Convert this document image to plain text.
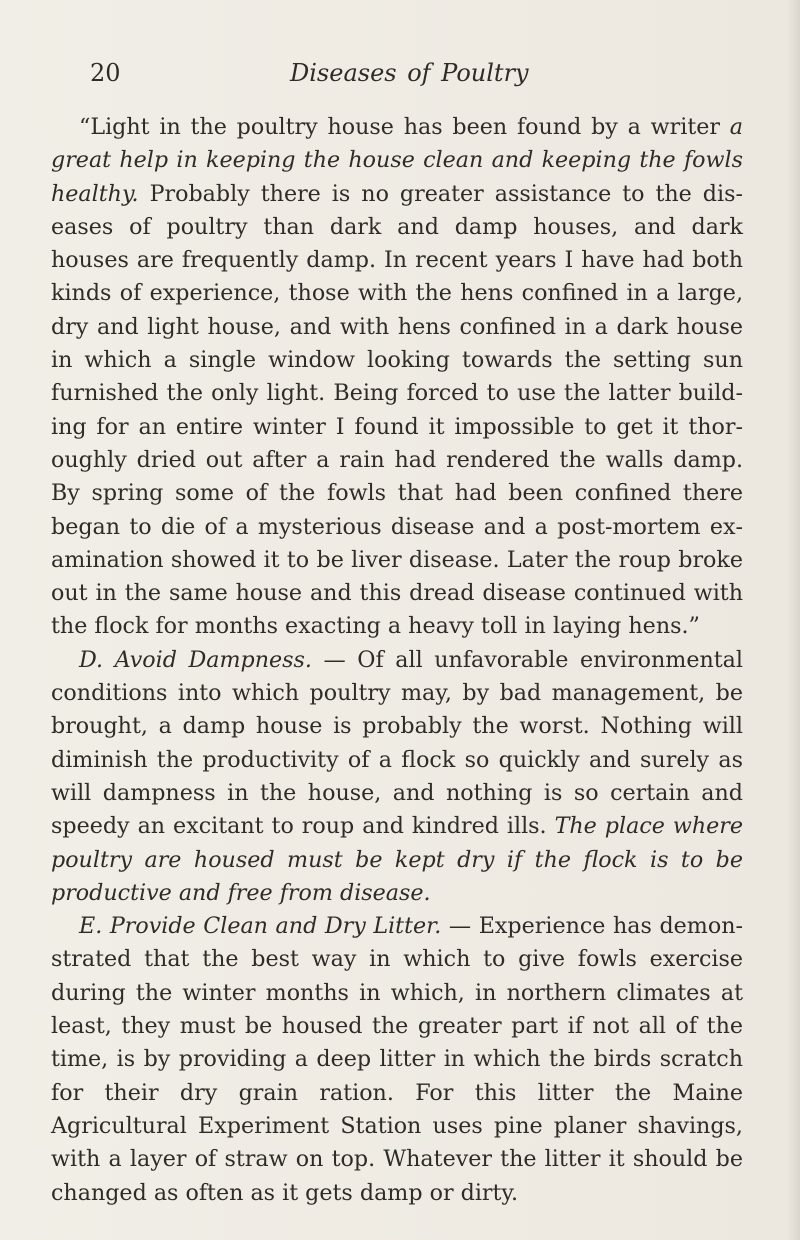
20	Diseases of Poultry

“Light in the poultry house has been found by a writer a great help in keeping the house clean and keeping the fowls healthy. Probably there is no greater assistance to the diseases of poultry than dark and damp houses, and dark houses are frequently damp. In recent years I have had both kinds of experience, those with the hens confined in a large, dry and light house, and with hens confined in a dark house in which a single window looking towards the setting sun furnished the only light. Being forced to use the latter building for an entire winter I found it impossible to get it thoroughly dried out after a rain had rendered the walls damp. By spring some of the fowls that had been confined there began to die of a mysterious disease and a post-mortem examination showed it to be liver disease. Later the roup broke out in the same house and this dread disease continued with the flock for months exacting a heavy toll in laying hens.”

D. Avoid Dampness. — Of all unfavorable environmental conditions into which poultry may, by bad management, be brought, a damp house is probably the worst. Nothing will diminish the productivity of a flock so quickly and surely as will dampness in the house, and nothing is so certain and speedy an excitant to roup and kindred ills. The place where poultry are housed must be kept dry if the flock is to be productive and free from disease.

E. Provide Clean and Dry Litter. — Experience has demonstrated that the best way in which to give fowls exercise during the winter months in which, in northern climates at least, they must be housed the greater part if not all of the time, is by providing a deep litter in which the birds scratch for their dry grain ration. For this litter the Maine Agricultural Experiment Station uses pine planer shavings, with a layer of straw on top. Whatever the litter it should be changed as often as it gets damp or dirty.
